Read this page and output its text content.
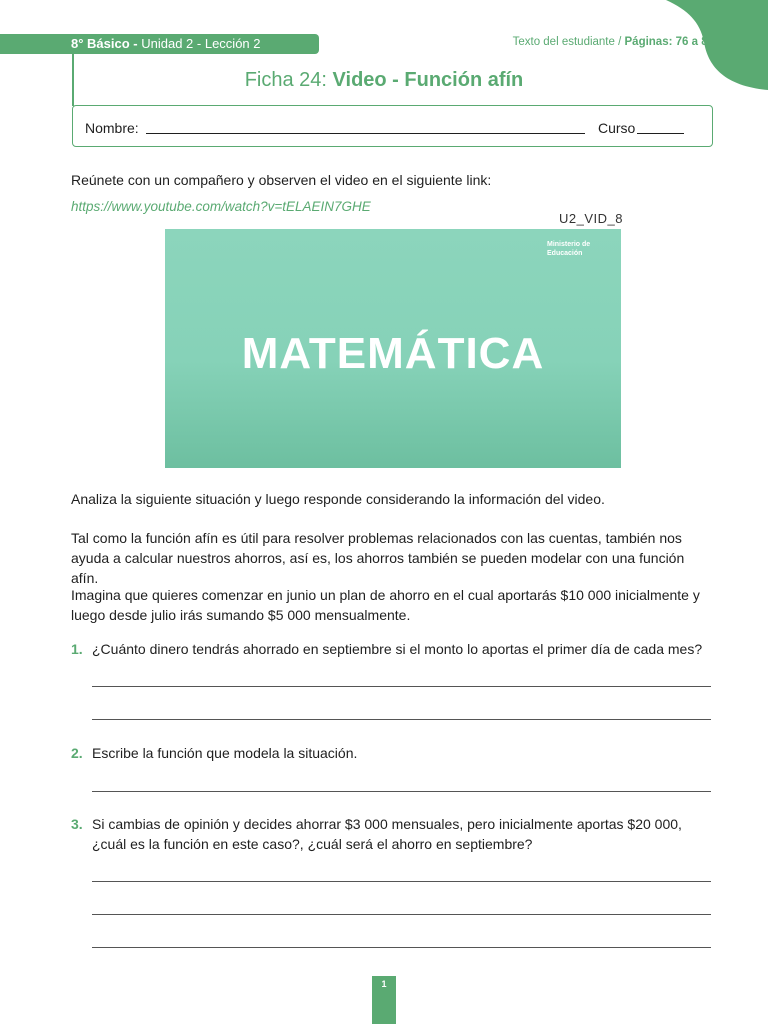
8° Básico - Unidad 2 - Lección 2	Texto del estudiante / Páginas: 76 a 81
Ficha 24: Video - Función afín
Nombre:	Curso
Reúnete con un compañero y observen el video en el siguiente link:
https://www.youtube.com/watch?v=tELAEIN7GHE
U2_VID_8
Ministerio de
Educación
MATEMÁTICA
Analiza la siguiente situación y luego responde considerando la información del video.
Tal como la función afín es útil para resolver problemas relacionados con las cuentas, también nos
ayuda a calcular nuestros ahorros, así es, los ahorros también se pueden modelar con una función afín.
Imagina que quieres comenzar en junio un plan de ahorro en el cual aportarás $10 000 inicialmente y
luego desde julio irás sumando $5 000 mensualmente.
1. ¿Cuánto dinero tendrás ahorrado en septiembre si el monto lo aportas el primer día de cada mes?
2. Escribe la función que modela la situación.
3. Si cambias de opinión y decides ahorrar $3 000 mensuales, pero inicialmente aportas $20 000,
¿cuál es la función en este caso?, ¿cuál será el ahorro en septiembre?
1
